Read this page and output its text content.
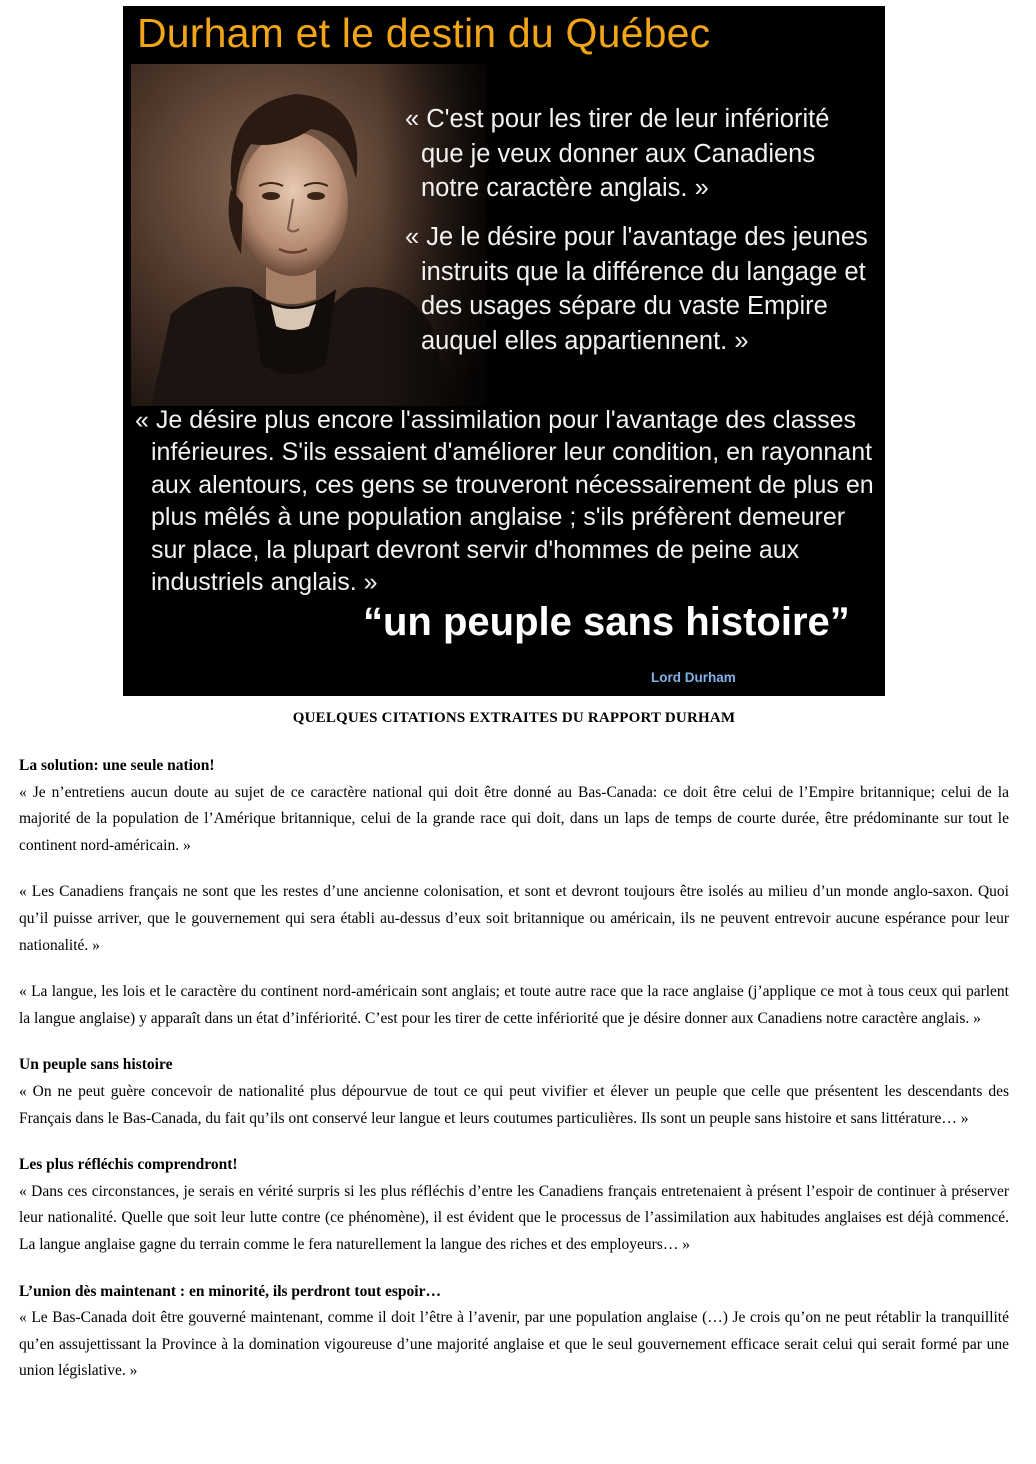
Durham et le destin du Québec
« C'est pour les tirer de leur infériorité que je veux donner aux Canadiens notre caractère anglais. »
« Je le désire pour l'avantage des jeunes instruits que la différence du langage et des usages sépare du vaste Empire auquel elles appartiennent. »
« Je désire plus encore l'assimilation pour l'avantage des classes inférieures. S'ils essaient d'améliorer leur condition, en rayonnant aux alentours, ces gens se trouveront nécessairement de plus en plus mêlés à une population anglaise ; s'ils préfèrent demeurer sur place, la plupart devront servir d'hommes de peine aux industriels anglais. »
“un peuple sans histoire”
Lord Durham
QUELQUES CITATIONS EXTRAITES DU RAPPORT DURHAM
La solution: une seule nation!

« Je n’entretiens aucun doute au sujet de ce caractère national qui doit être donné au Bas-Canada: ce doit être celui de l’Empire britannique; celui de la majorité de la population de l’Amérique britannique, celui de la grande race qui doit, dans un laps de temps de courte durée, être prédominante sur tout le continent nord-américain. »

« Les Canadiens français ne sont que les restes d’une ancienne colonisation, et sont et devront toujours être isolés au milieu d’un monde anglo-saxon. Quoi qu’il puisse arriver, que le gouvernement qui sera établi au-dessus d’eux soit britannique ou américain, ils ne peuvent entrevoir aucune espérance pour leur nationalité. »

« La langue, les lois et le caractère du continent nord-américain sont anglais; et toute autre race que la race anglaise (j’applique ce mot à tous ceux qui parlent la langue anglaise) y apparaît dans un état d’infériorité. C’est pour les tirer de cette infériorité que je désire donner aux Canadiens notre caractère anglais. »

Un peuple sans histoire

« On ne peut guère concevoir de nationalité plus dépourvue de tout ce qui peut vivifier et élever un peuple que celle que présentent les descendants des Français dans le Bas-Canada, du fait qu’ils ont conservé leur langue et leurs coutumes particulières. Ils sont un peuple sans histoire et sans littérature… »

Les plus réfléchis comprendront!

« Dans ces circonstances, je serais en vérité surpris si les plus réfléchis d’entre les Canadiens français entretenaient à présent l’espoir de continuer à préserver leur nationalité. Quelle que soit leur lutte contre (ce phénomène), il est évident que le processus de l’assimilation aux habitudes anglaises est déjà commencé. La langue anglaise gagne du terrain comme le fera naturellement la langue des riches et des employeurs… »

L’union dès maintenant : en minorité, ils perdront tout espoir…

« Le Bas-Canada doit être gouverné maintenant, comme il doit l’être à l’avenir, par une population anglaise (…) Je crois qu’on ne peut rétablir la tranquillité qu’en assujettissant la Province à la domination vigoureuse d’une majorité anglaise et que le seul gouvernement efficace serait celui qui serait formé par une union législative. »
